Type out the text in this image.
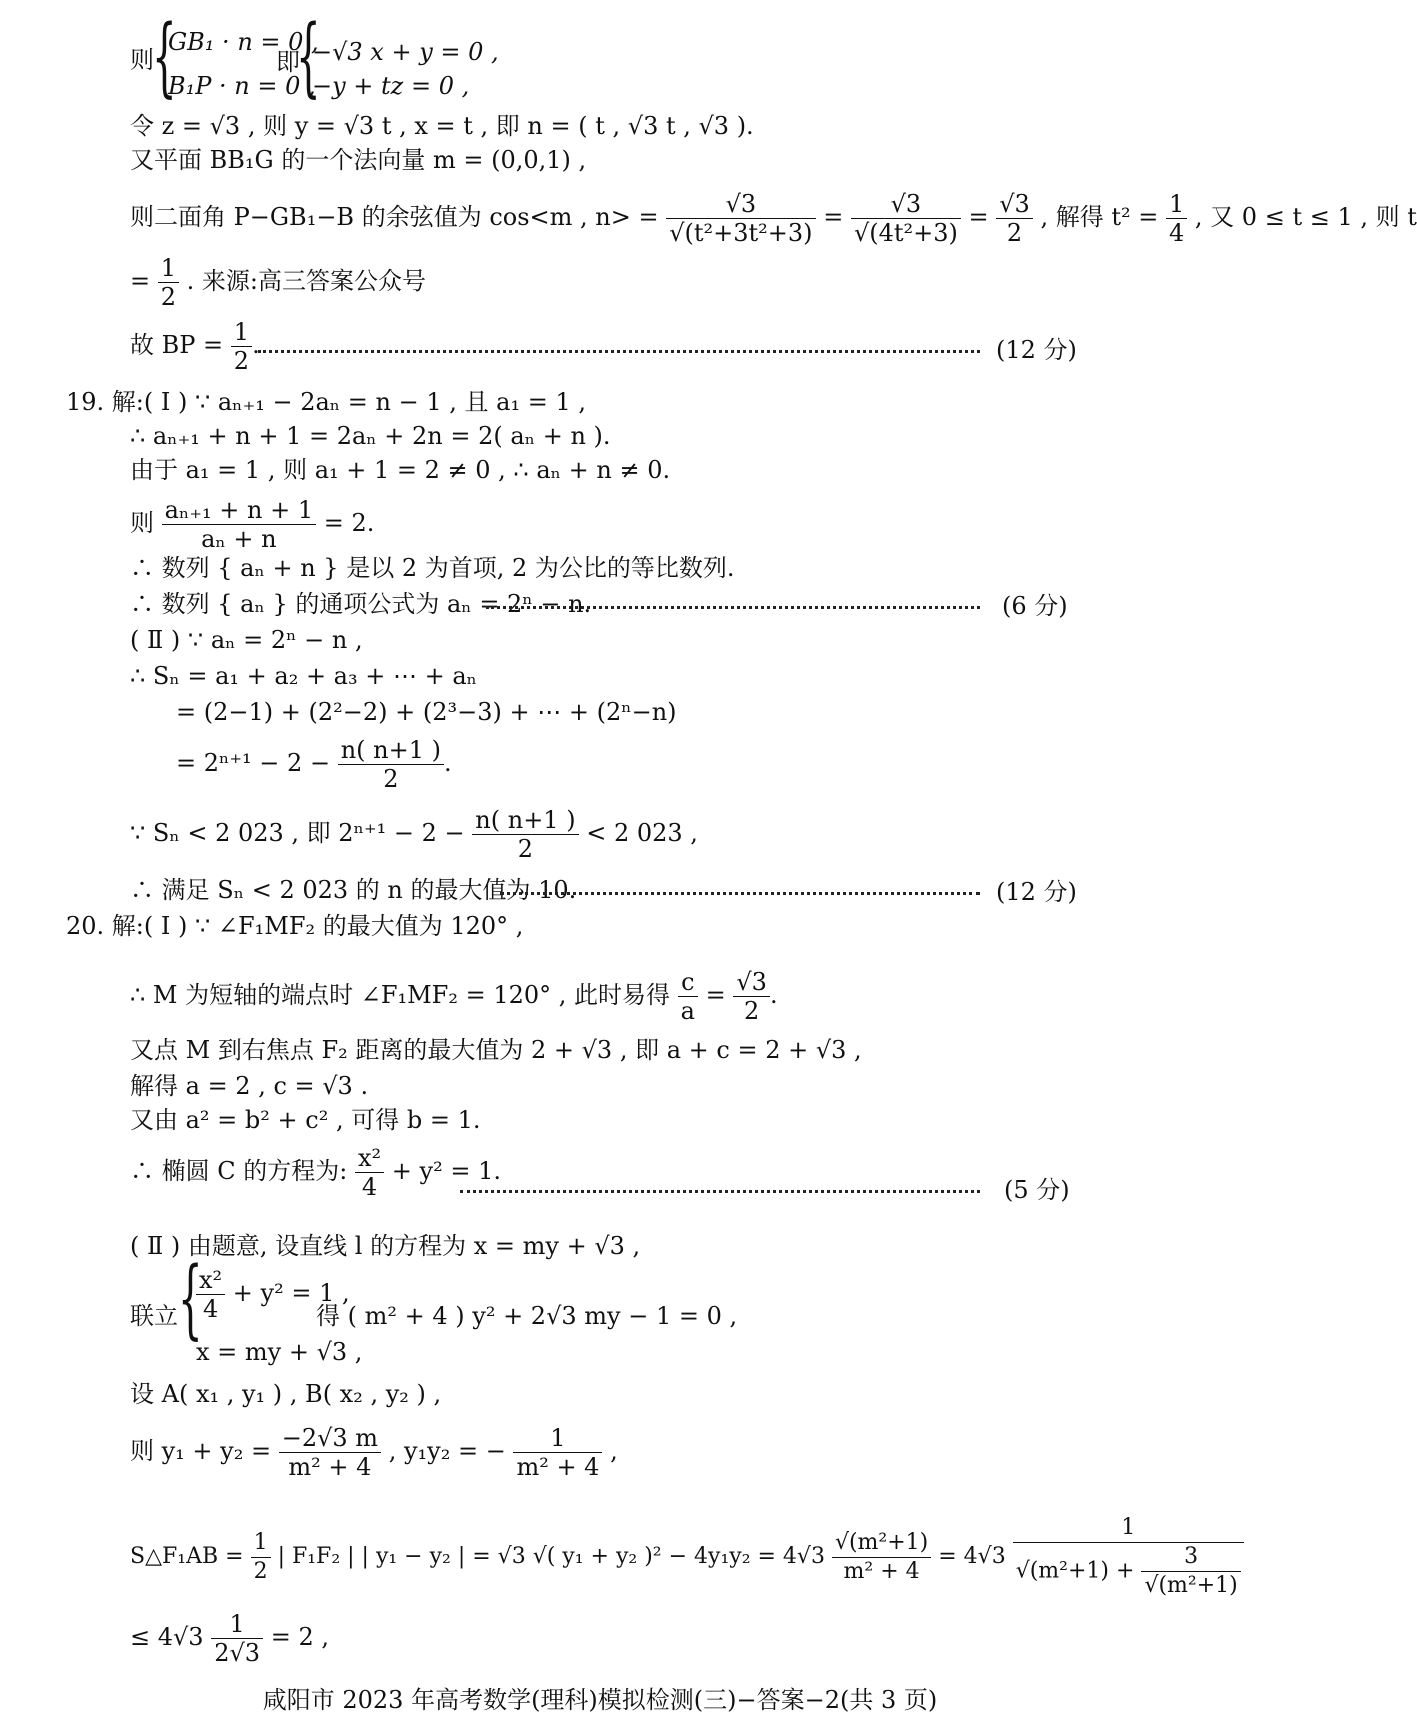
则
{
GB₁ · n = 0 ,
B₁P · n = 0 ,
即
{
−√3 x + y = 0 ,
−y + tz = 0 ,
令 z = √3 , 则 y = √3 t , x = t , 即 n = ( t , √3 t , √3 ).
又平面 BB₁G 的一个法向量 m = (0,0,1) ,
则二面角 P−GB₁−B 的余弦值为 cos<m , $n> = \frac{√3}{\text{√(t²+3t²+3)}} = \frac{√3}{\text{√(4t²+3)}} = \frac{√3}{2}$ , 解得 $t^2 = \frac{1}{4}$ , 又 0 ≤ t ≤ 1 , 则 t
= $\frac{1}{2}$ . 来源:高三答案公众号
故 BP = $\frac{1}{2}$ .	(12 分)
19. 解:( Ⅰ ) ∵ aₙ₊₁ − 2aₙ = n − 1 , 且 a₁ = 1 ,
∴ aₙ₊₁ + n + 1 = 2aₙ + 2n = 2( aₙ + n ).
由于 a₁ = 1 , 则 a₁ + 1 = 2 ≠ 0 , ∴ aₙ + n ≠ 0.
则 $\frac{\text{aₙ₊₁ + n + 1}}{\text{aₙ + n}} = 2$.
∴ 数列 { aₙ + n } 是以 2 为首项, 2 为公比的等比数列.
∴ 数列 { aₙ } 的通项公式为 aₙ = 2ⁿ − n.	(6 分)
( Ⅱ ) ∵ aₙ = 2ⁿ − n ,
∴ Sₙ = a₁ + a₂ + a₃ + ⋯ + aₙ
= (2−1) + (2²−2) + (2³−3) + ⋯ + (2ⁿ−n)
= $2^{n+1} - 2 - \frac{n( n+1 )}{2}$ .
∵ Sₙ < 2 023 , 即 $2^{n+1} - 2 - \frac{n( n+1 )}{2} < 2$ 023 ,
∴ 满足 Sₙ < 2 023 的 n 的最大值为 10.	(12 分)
20. 解:( Ⅰ ) ∵ ∠F₁MF₂ 的最大值为 120° ,
∴ M 为短轴的端点时 ∠F₁MF₂ = 120° , 此时易得 $\frac{c}{a} = \frac{√3}{2}$ .
又点 M 到右焦点 F₂ 距离的最大值为 2 + √3 , 即 a + c = 2 + √3 ,
解得 a = 2 , c = √3 .
又由 a² = b² + c² , 可得 b = 1.
∴ 椭圆 C 的方程为: $\frac{\text{x²}}{4} + y^2 = 1$.
(5 分)
( Ⅱ ) 由题意, 设直线 l 的方程为 x = my + √3 ,
联立 {
$\frac{\text{x²}}{4} + y^2 = 1$ ,
x = my + √3 ,
得 ( m² + 4 ) y² + 2√3 my − 1 = 0 ,
设 A( x₁ , y₁ ) , B( x₂ , y₂ ) ,
则 $y_1 + y_2 = \frac{-2√3 m}{\text{m² + 4}}$ , y₁y₂ = − $\frac{1}{\text{m² + 4}}$ ,
S△F₁AB = $\frac{1}{2}$ | F₁F₂ | | y₁ − y₂ | = √3 √( y₁ + y₂ )$^2 - 4y_1y_2 = 4√3 \frac{\text{√(m²+1)}}{\text{m² + 4}} = 4√3 \frac{1}{√(m^2+1) + \frac{3}{\text{√(m²+1)}}}$
≤ $4√3 \frac{1}{2√3} = 2$ ,
咸阳市 2023 年高考数学(理科)模拟检测(三)−答案−2(共 3 页)
